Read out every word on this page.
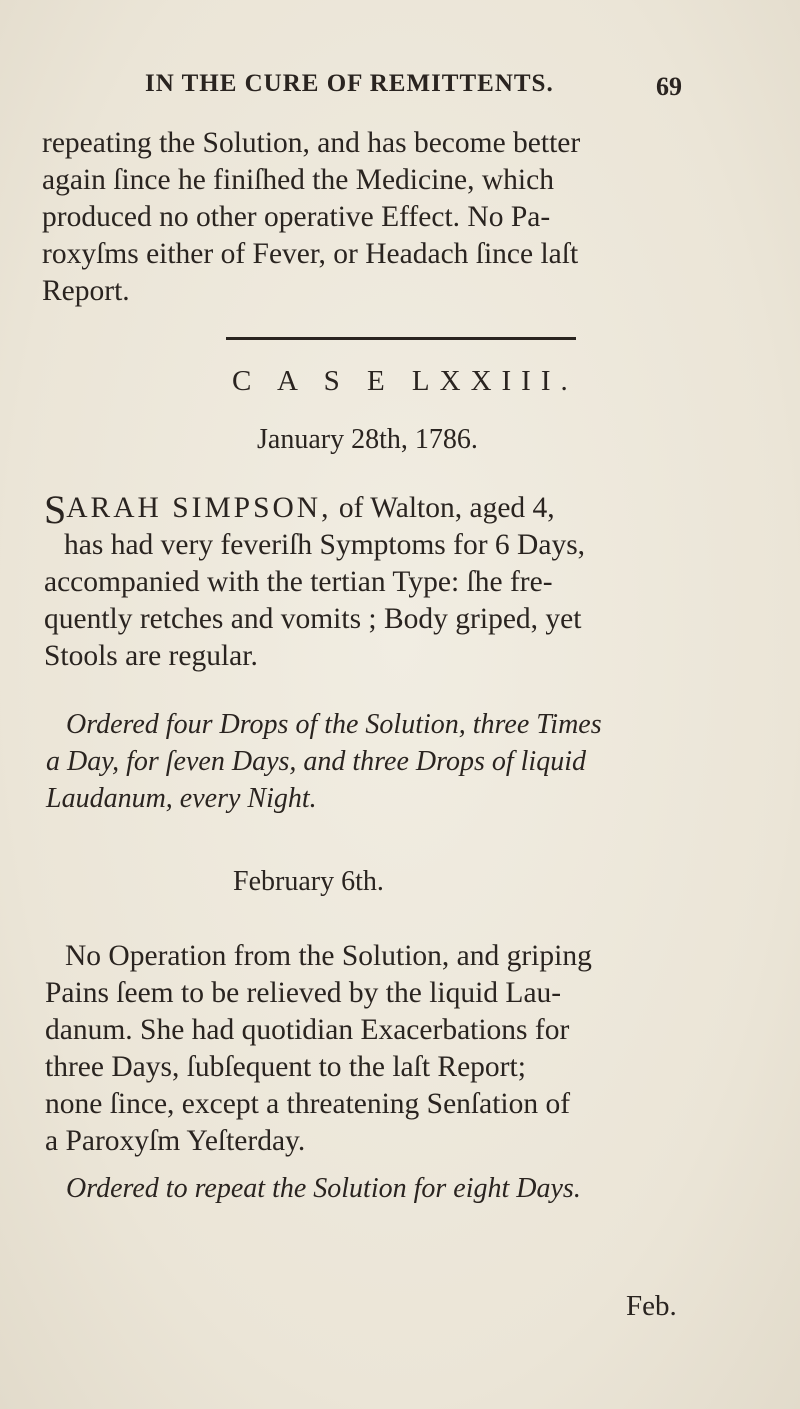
IN THE CURE OF REMITTENTS.	69
repeating the Solution, and has become better
again ſince he finiſhed the Medicine, which
produced no other operative Effect. No Pa-
roxyſms either of Fever, or Headach ſince laſt
Report.
C A S E LXXIII.
January 28th, 1786.
SARAH SIMPSON, of Walton, aged 4,
has had very feveriſh Symptoms for 6 Days,
accompanied with the tertian Type: ſhe fre-
quently retches and vomits ; Body griped, yet
Stools are regular.
Ordered four Drops of the Solution, three Times
a Day, for ſeven Days, and three Drops of liquid
Laudanum, every Night.
February 6th.
No Operation from the Solution, and griping
Pains ſeem to be relieved by the liquid Lau-
danum. She had quotidian Exacerbations for
three Days, ſubſequent to the laſt Report;
none ſince, except a threatening Senſation of
a Paroxyſm Yeſterday.
Ordered to repeat the Solution for eight Days.
Feb.
